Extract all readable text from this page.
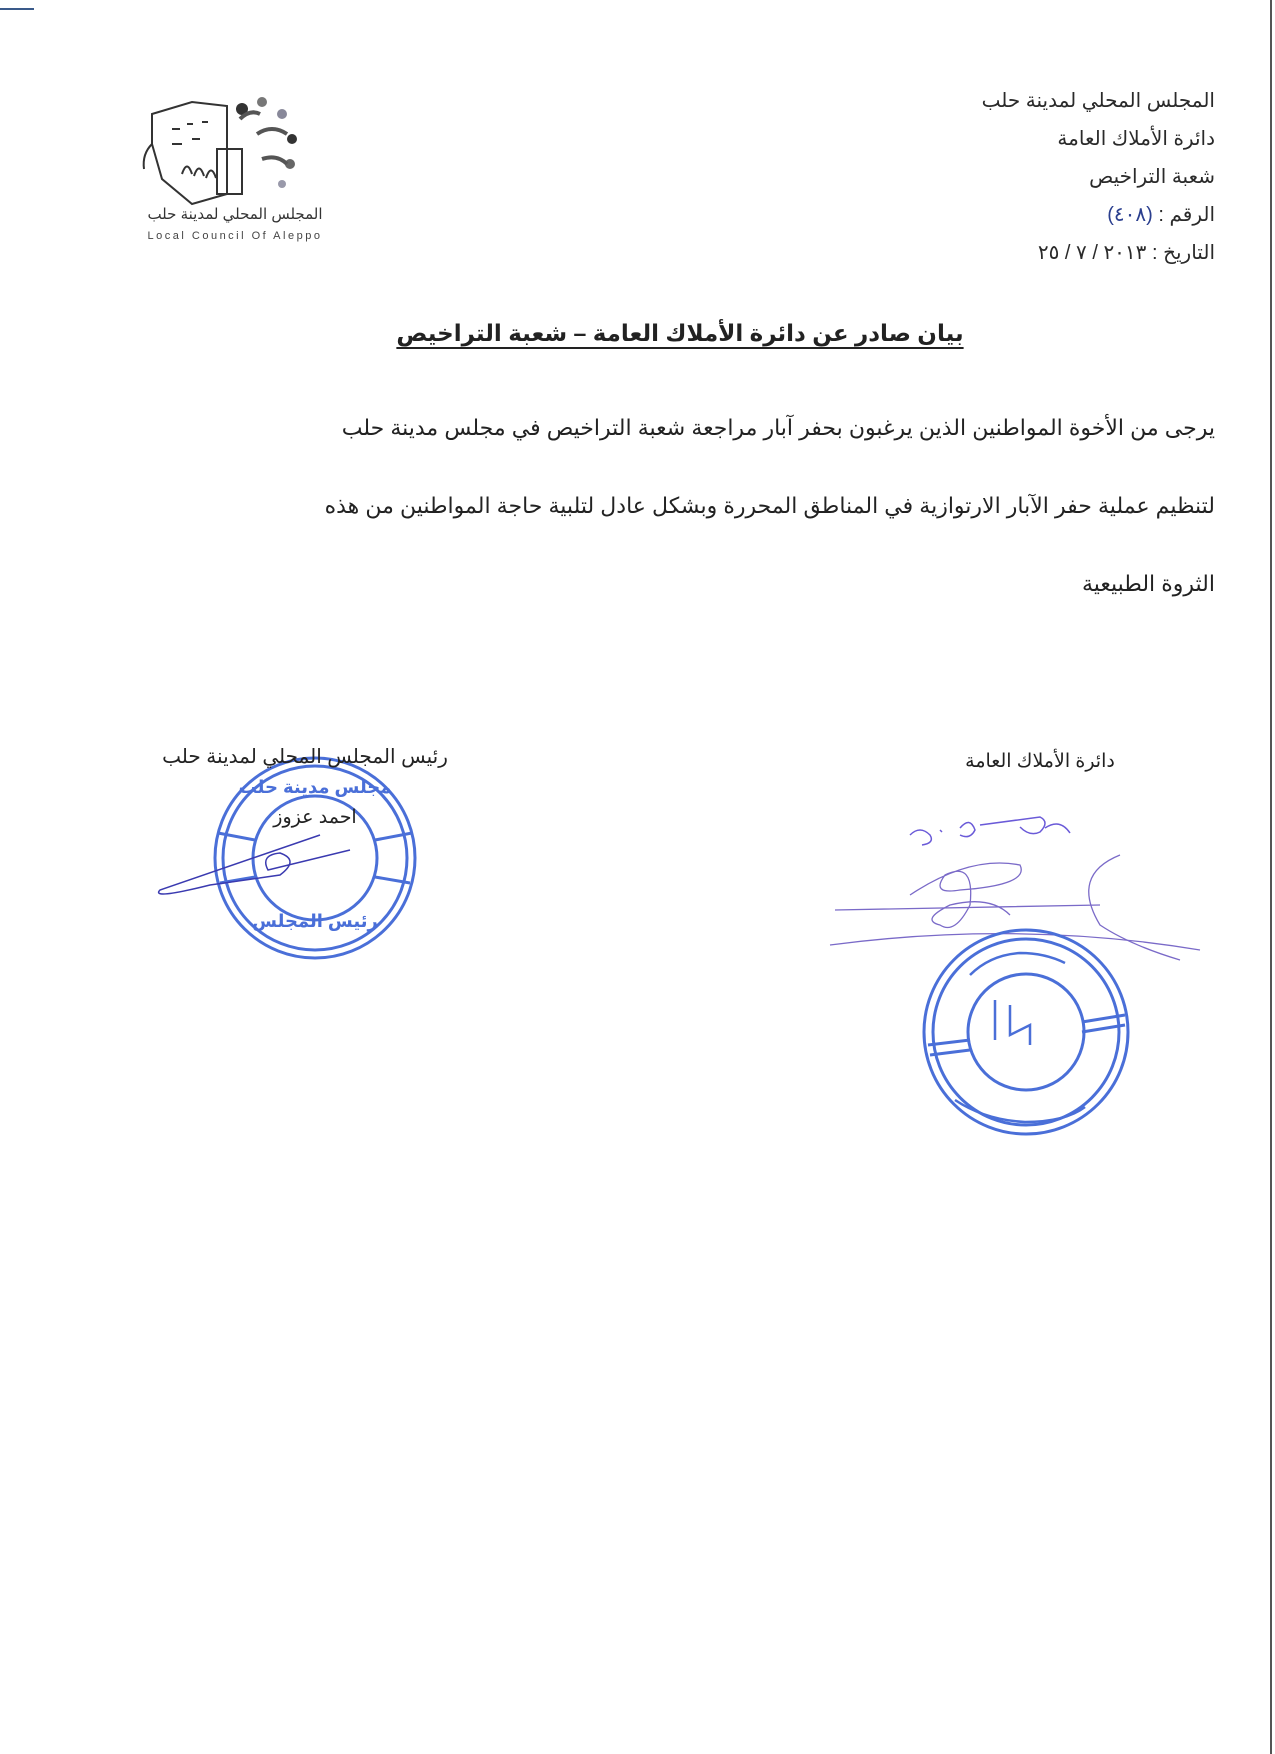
المجلس المحلي لمدينة حلب
دائرة الأملاك العامة
شعبة التراخيص
الرقم : (٤٠٨)
التاريخ : ٢٠١٣ / ٧ / ٢٥
المجلس المحلي لمدينة حلب
Local Council Of Aleppo
بيان صادر عن دائرة الأملاك العامة – شعبة التراخيص
يرجى من الأخوة المواطنين الذين يرغبون بحفر آبار مراجعة شعبة التراخيص في مجلس مدينة حلب
لتنظيم عملية حفر الآبار الارتوازية في المناطق المحررة وبشكل عادل لتلبية حاجة المواطنين من هذه
الثروة الطبيعية
رئيس المجلس المحلي لمدينة حلب
مجلس مدينة حلب
احمد عزوز
رئيس المجلس
دائرة الأملاك العامة
